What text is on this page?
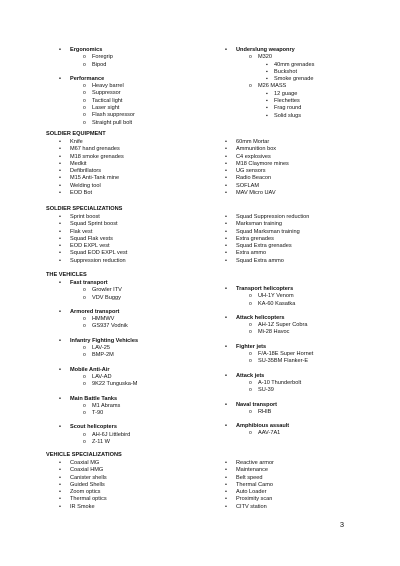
• Ergonomics
o Foregrip
o Bipod
• Performance
o Heavy barrel
o Suppressor
o Tactical light
o Laser sight
o Flash suppressor
o Straight pull bolt
• Underslung weaponry
o M320
▪ 40mm grenades
▪ Buckshot
▪ Smoke grenade
o M26 MASS
▪ 12 guage
▪ Flechettes
▪ Frag round
▪ Solid slugs
SOLDIER EQUIPMENT
• Knife
• M67 hand grenades
• M18 smoke grenades
• Medkit
• Defibrillators
• M15 Anti-Tank mine
• Welding tool
• EOD Bot
• 60mm Mortar
• Ammunition box
• C4 explosives
• M18 Claymore mines
• UG sensors
• Radio Beacon
• SOFLAM
• MAV Micro UAV
SOLDIER SPECIALIZATIONS
• Sprint boost
• Squad Sprint boost
• Flak vest
• Squad Flak vests
• EOD EXPL vest
• Squad EOD EXPL vest
• Suppression reduction
• Squad Suppression reduction
• Marksman training
• Squad Marksman training
• Extra grenades
• Squad Extra grenades
• Extra ammo
• Squad Extra ammo
THE VEHICLES
• Fast transport
o Growler ITV
o VDV Buggy
• Armored transport
o HMMWV
o GS937 Vodnik
• Infantry Fighting Vehicles
o LAV-25
o BMP-2M
• Mobile Anti-Air
o LAV-AD
o 9K22 Tunguska-M
• Main Battle Tanks
o M1 Abrams
o T-90
• Scout helicopters
o AH-6J Littlebird
o Z-11 W
• Transport helicopters
o UH-1Y Venom
o KA-60 Kasatka
• Attack helicopters
o AH-1Z Super Cobra
o Mi-28 Havoc
• Fighter jets
o F/A-18E Super Hornet
o SU-35BM Flanker-E
• Attack jets
o A-10 Thunderbolt
o SU-39
• Naval transport
o RHIB
• Amphibious assault
o AAV-7A1
VEHICLE SPECIALIZATIONS
• Coaxial MG
• Coaxial HMG
• Canister shells
• Guided Shells
• Zoom optics
• Thermal optics
• IR Smoke
• Reactive armor
• Maintenance
• Belt speed
• Thermal Camo
• Auto Loader
• Proximity scan
• CITV station
3
